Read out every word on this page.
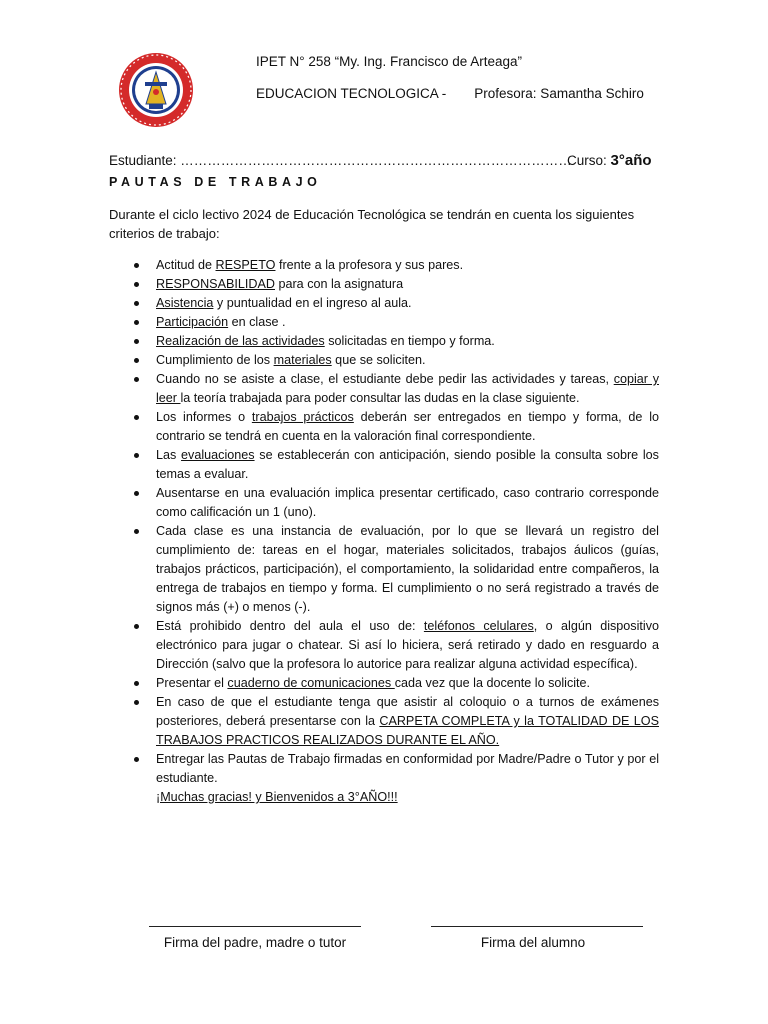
IPET N° 258 “My. Ing. Francisco de Arteaga”
EDUCACION TECNOLOGICA - Profesora: Samantha Schiro
Estudiante: ……………………………………………………………………………
Curso: 3°año
PAUTAS DE TRABAJO
Durante el ciclo lectivo 2024 de Educación Tecnológica se tendrán en cuenta los siguientes criterios de trabajo:
Actitud de RESPETO frente a la profesora y sus pares.
RESPONSABILIDAD para con la asignatura
Asistencia y puntualidad en el ingreso al aula.
Participación en clase .
Realización de las actividades solicitadas en tiempo y forma.
Cumplimiento de los materiales que se soliciten.
Cuando no se asiste a clase, el estudiante debe pedir las actividades y tareas, copiar y leer la teoría trabajada para poder consultar las dudas en la clase siguiente.
Los informes o trabajos prácticos deberán ser entregados en tiempo y forma, de lo contrario se tendrá en cuenta en la valoración final correspondiente.
Las evaluaciones se establecerán con anticipación, siendo posible la consulta sobre los temas a evaluar.
Ausentarse en una evaluación implica presentar certificado, caso contrario corresponde como calificación un 1 (uno).
Cada clase es una instancia de evaluación, por lo que se llevará un registro del cumplimiento de: tareas en el hogar, materiales solicitados, trabajos áulicos (guías, trabajos prácticos, participación), el comportamiento, la solidaridad entre compañeros, la entrega de trabajos en tiempo y forma. El cumplimiento o no será registrado a través de signos más (+) o menos (-).
Está prohibido dentro del aula el uso de: teléfonos celulares, o algún dispositivo electrónico para jugar o chatear. Si así lo hiciera, será retirado y dado en resguardo a Dirección (salvo que la profesora lo autorice para realizar alguna actividad específica).
Presentar el cuaderno de comunicaciones cada vez que la docente lo solicite.
En caso de que el estudiante tenga que asistir al coloquio o a turnos de exámenes posteriores, deberá presentarse con la CARPETA COMPLETA y la TOTALIDAD DE LOS TRABAJOS PRACTICOS REALIZADOS DURANTE EL AÑO.
Entregar las Pautas de Trabajo firmadas en conformidad por Madre/Padre o Tutor y por el estudiante.
¡Muchas gracias! y Bienvenidos a 3°AÑO!!!
Firma del padre, madre o tutor	Firma del alumno
